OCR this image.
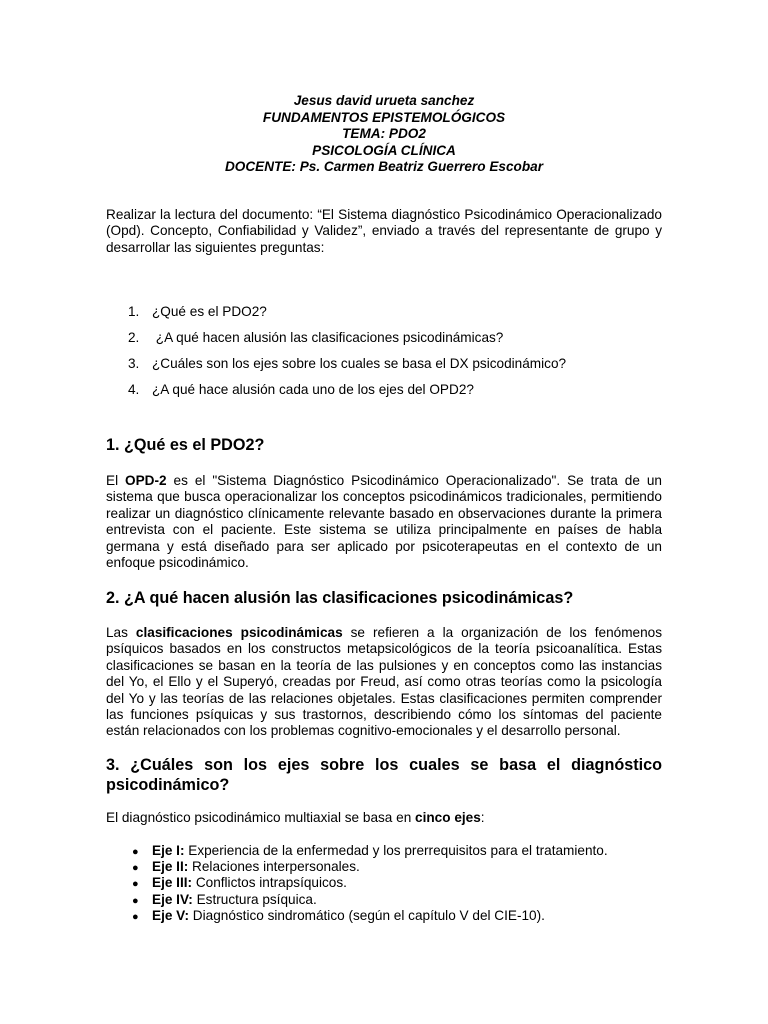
Jesus david urueta sanchez
FUNDAMENTOS EPISTEMOLÓGICOS
TEMA: PDO2
PSICOLOGÍA CLÍNICA
DOCENTE: Ps. Carmen Beatriz Guerrero Escobar

Realizar la lectura del documento: “El Sistema diagnóstico Psicodinámico Operacionalizado (Opd). Concepto, Confiabilidad y Validez”, enviado a través del representante de grupo y desarrollar las siguientes preguntas:

1. ¿Qué es el PDO2?
2. ¿A qué hacen alusión las clasificaciones psicodinámicas?
3. ¿Cuáles son los ejes sobre los cuales se basa el DX psicodinámico?
4. ¿A qué hace alusión cada uno de los ejes del OPD2?
1. ¿Qué es el PDO2?

El OPD-2 es el "Sistema Diagnóstico Psicodinámico Operacionalizado". Se trata de un sistema que busca operacionalizar los conceptos psicodinámicos tradicionales, permitiendo realizar un diagnóstico clínicamente relevante basado en observaciones durante la primera entrevista con el paciente. Este sistema se utiliza principalmente en países de habla germana y está diseñado para ser aplicado por psicoterapeutas en el contexto de un enfoque psicodinámico.

2. ¿A qué hacen alusión las clasificaciones psicodinámicas?

Las clasificaciones psicodinámicas se refieren a la organización de los fenómenos psíquicos basados en los constructos metapsicológicos de la teoría psicoanalítica. Estas clasificaciones se basan en la teoría de las pulsiones y en conceptos como las instancias del Yo, el Ello y el Superyó, creadas por Freud, así como otras teorías como la psicología del Yo y las teorías de las relaciones objetales. Estas clasificaciones permiten comprender las funciones psíquicas y sus trastornos, describiendo cómo los síntomas del paciente están relacionados con los problemas cognitivo-emocionales y el desarrollo personal.

3. ¿Cuáles son los ejes sobre los cuales se basa el diagnóstico psicodinámico?

El diagnóstico psicodinámico multiaxial se basa en cinco ejes:

● Eje I: Experiencia de la enfermedad y los prerrequisitos para el tratamiento.
● Eje II: Relaciones interpersonales.
● Eje III: Conflictos intrapsíquicos.
● Eje IV: Estructura psíquica.
● Eje V: Diagnóstico sindromático (según el capítulo V del CIE-10).
